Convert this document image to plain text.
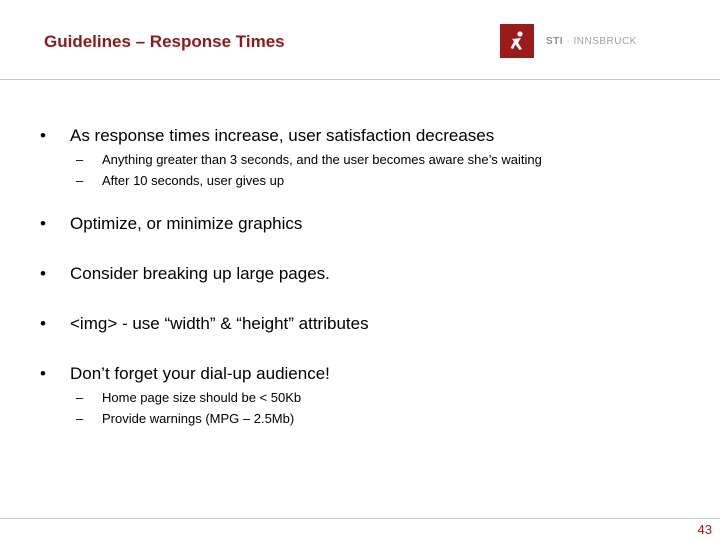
Guidelines – Response Times	STI · INNSBRUCK
• As response times increase, user satisfaction decreases
– Anything greater than 3 seconds, and the user becomes aware she’s waiting
– After 10 seconds, user gives up
• Optimize, or minimize graphics
• Consider breaking up large pages.
• <img> - use “width” & “height” attributes
• Don’t forget your dial-up audience!
– Home page size should be < 50Kb
– Provide warnings (MPG – 2.5Mb)
43
